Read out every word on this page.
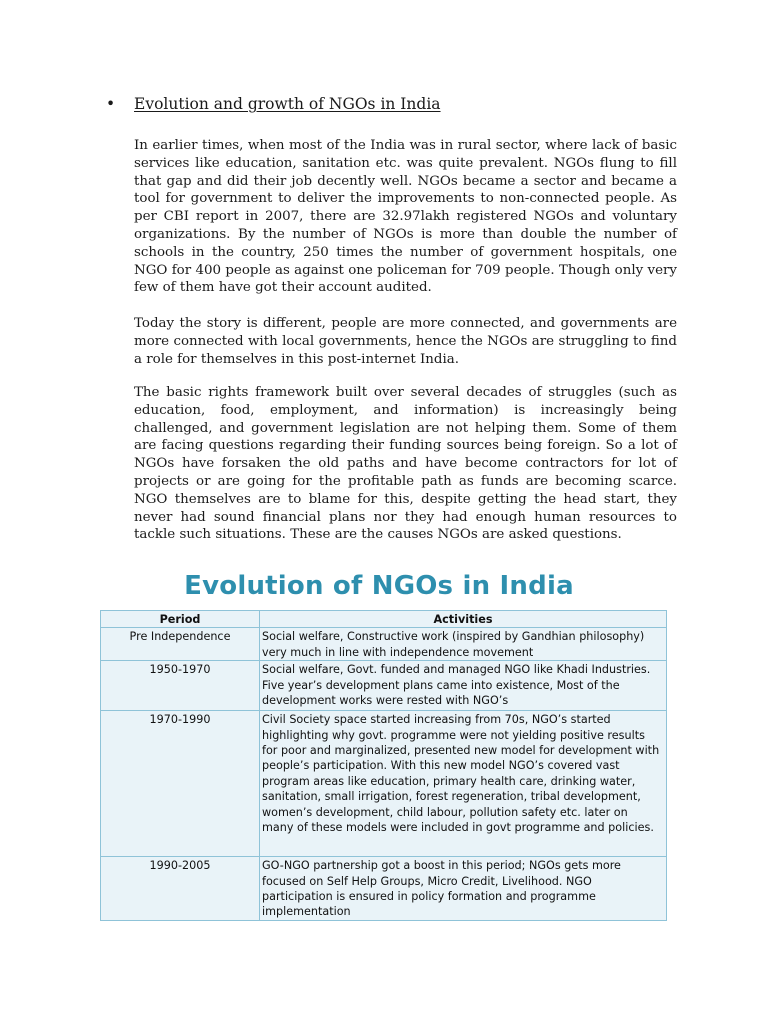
• Evolution and growth of NGOs in India

In earlier times, when most of the India was in rural sector, where lack of basic services like education, sanitation etc. was quite prevalent. NGOs flung to fill that gap and did their job decently well. NGOs became a sector and became a tool for government to deliver the improvements to non-connected people. As per CBI report in 2007, there are 32.97lakh registered NGOs and voluntary organizations. By the number of NGOs is more than double the number of schools in the country, 250 times the number of government hospitals, one NGO for 400 people as against one policeman for 709 people. Though only very few of them have got their account audited.

Today the story is different, people are more connected, and governments are more connected with local governments, hence the NGOs are struggling to find a role for themselves in this post-internet India.

The basic rights framework built over several decades of struggles (such as education, food, employment, and information) is increasingly being challenged, and government legislation are not helping them. Some of them are facing questions regarding their funding sources being foreign. So a lot of NGOs have forsaken the old paths and have become contractors for lot of projects or are going for the profitable path as funds are becoming scarce. NGO themselves are to blame for this, despite getting the head start, they never had sound financial plans nor they had enough human resources to tackle such situations. These are the causes NGOs are asked questions.

Evolution of NGOs in India
Period	Activities
Pre Independence	Social welfare, Constructive work (inspired by Gandhian philosophy) very much in line with independence movement
1950-1970	Social welfare, Govt. funded and managed NGO like Khadi Industries. Five year’s development plans came into existence, Most of the development works were rested with NGO’s
1970-1990	Civil Society space started increasing from 70s, NGO’s started highlighting why govt. programme were not yielding positive results for poor and marginalized, presented new model for development with people’s participation. With this new model NGO’s covered vast program areas like education, primary health care, drinking water, sanitation, small irrigation, forest regeneration, tribal development, women’s development, child labour, pollution safety etc. later on many of these models were included in govt programme and policies.
1990-2005	GO-NGO partnership got a boost in this period; NGOs gets more focused on Self Help Groups, Micro Credit, Livelihood. NGO participation is ensured in policy formation and programme implementation
